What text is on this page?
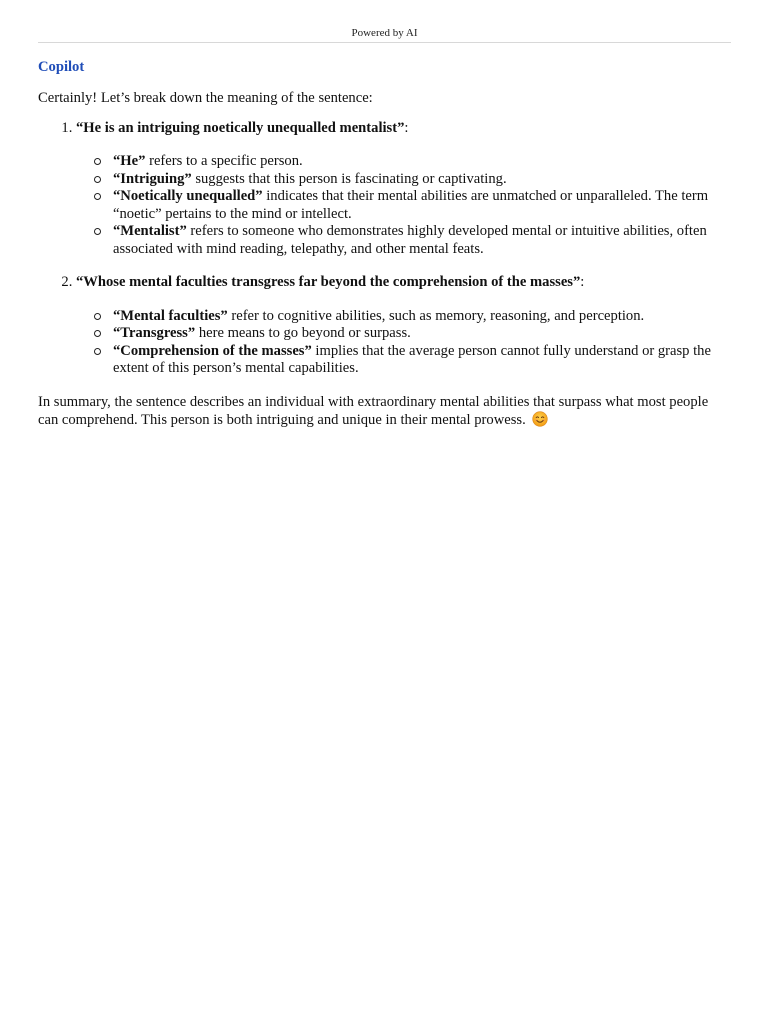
Powered by AI
Copilot

Certainly! Let’s break down the meaning of the sentence:

1. “He is an intriguing noetically unequalled mentalist”:
“He” refers to a specific person.
“Intriguing” suggests that this person is fascinating or captivating.
“Noetically unequalled” indicates that their mental abilities are unmatched or unparalleled. The term “noetic” pertains to the mind or intellect.
“Mentalist” refers to someone who demonstrates highly developed mental or intuitive abilities, often associated with mind reading, telepathy, and other mental feats.
2. “Whose mental faculties transgress far beyond the comprehension of the masses”:
“Mental faculties” refer to cognitive abilities, such as memory, reasoning, and perception.
“Transgress” here means to go beyond or surpass.
“Comprehension of the masses” implies that the average person cannot fully understand or grasp the extent of this person’s mental capabilities.

In summary, the sentence describes an individual with extraordinary mental abilities that surpass what most people can comprehend. This person is both intriguing and unique in their mental prowess.
